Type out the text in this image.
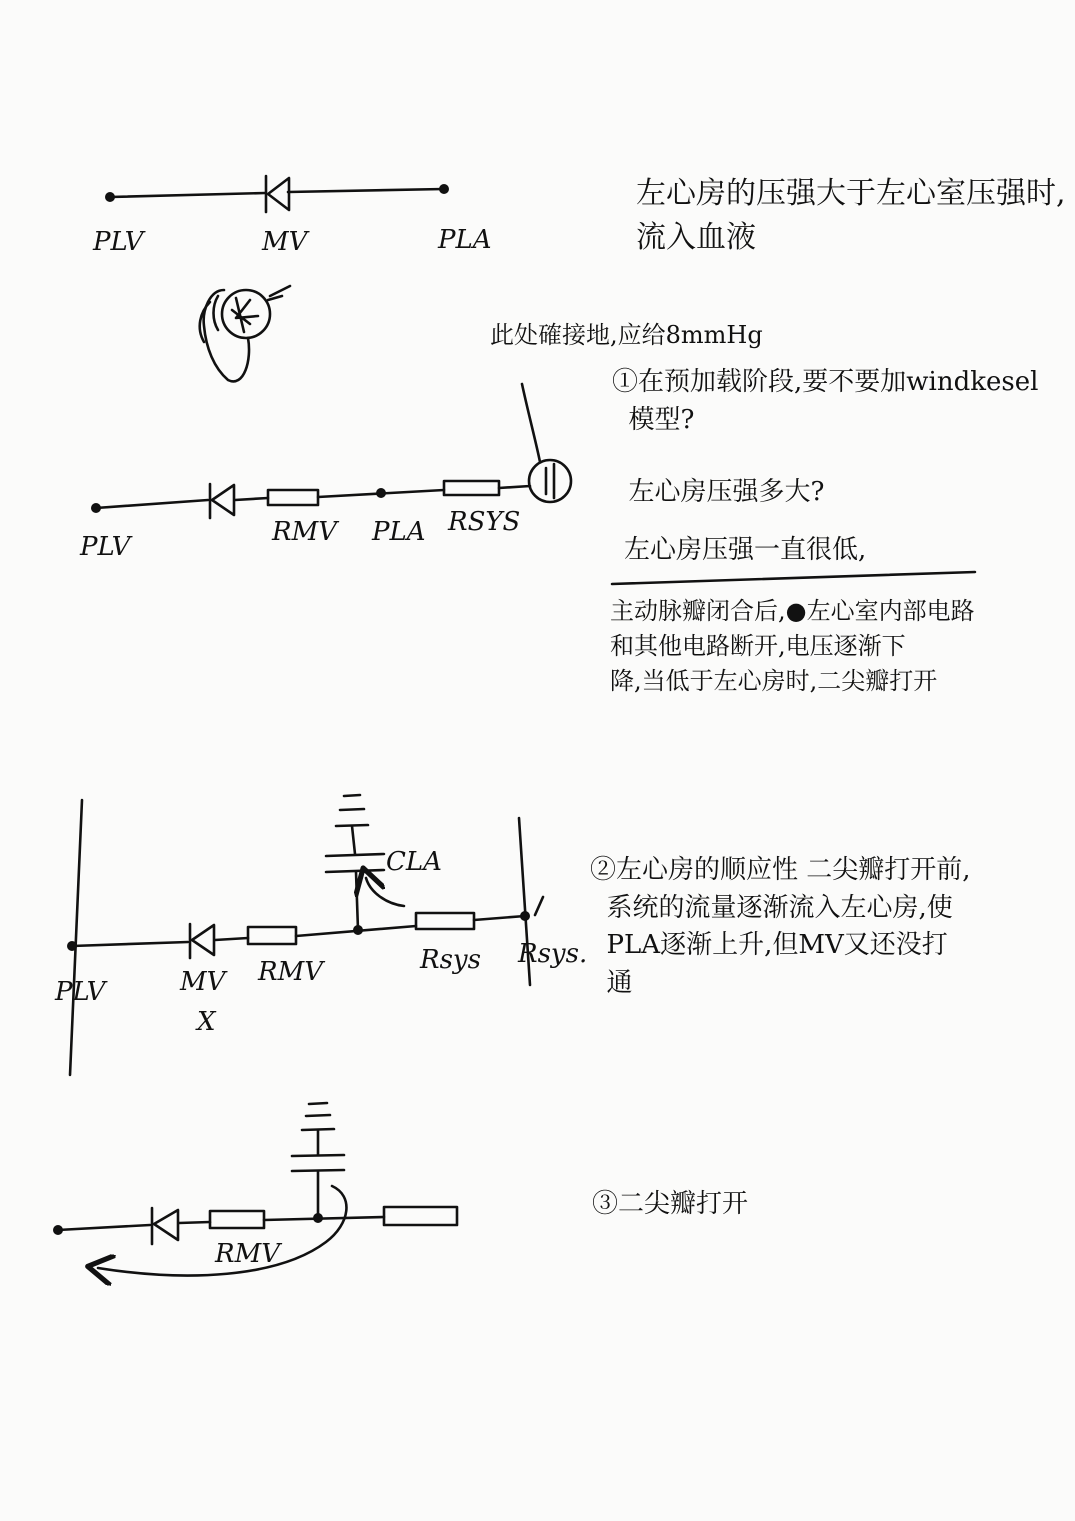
PLV	MV	PLA
PLV	RMV PLA RSYS
CLA
PLV	MV
X
RMV	Rsys Rsys.
RMV

左心房的压强大于左心室压强时,
流入血液

此处確接地,应给8mmHg

①在预加载阶段,要不要加windkesel
模型?

左心房压强多大?

左心房压强一直很低,

主动脉瓣闭合后,●左心室内部电路
和其他电路断开,电压逐渐下
降,当低于左心房时,二尖瓣打开

②左心房的顺应性 二尖瓣打开前,
系统的流量逐渐流入左心房,使
PLA逐渐上升,但MV又还没打
通

③二尖瓣打开
